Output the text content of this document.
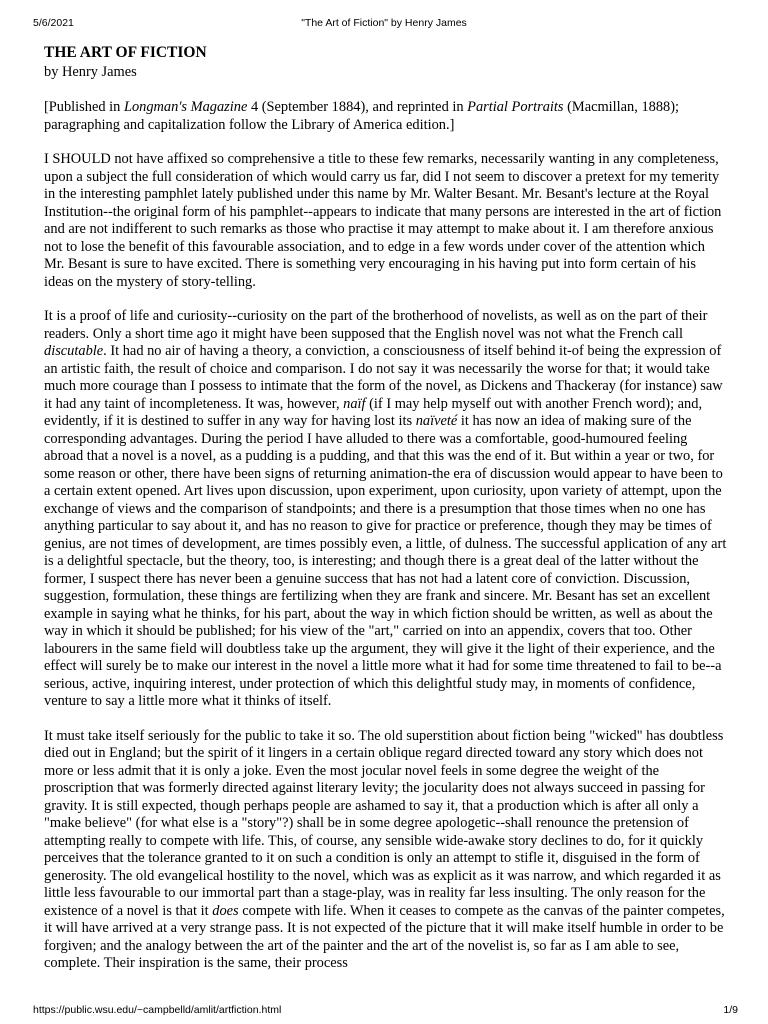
5/6/2021	"The Art of Fiction" by Henry James
THE ART OF FICTION
by Henry James

[Published in Longman's Magazine 4 (September 1884), and reprinted in Partial Portraits (Macmillan, 1888); paragraphing and capitalization follow the Library of America edition.]

I SHOULD not have affixed so comprehensive a title to these few remarks, necessarily wanting in any completeness, upon a subject the full consideration of which would carry us far, did I not seem to discover a pretext for my temerity in the interesting pamphlet lately published under this name by Mr. Walter Besant. Mr. Besant's lecture at the Royal Institution--the original form of his pamphlet--appears to indicate that many persons are interested in the art of fiction and are not indifferent to such remarks as those who practise it may attempt to make about it. I am therefore anxious not to lose the benefit of this favourable association, and to edge in a few words under cover of the attention which Mr. Besant is sure to have excited. There is something very encouraging in his having put into form certain of his ideas on the mystery of story-telling.

It is a proof of life and curiosity--curiosity on the part of the brotherhood of novelists, as well as on the part of their readers. Only a short time ago it might have been supposed that the English novel was not what the French call discutable. It had no air of having a theory, a conviction, a consciousness of itself behind it-of being the expression of an artistic faith, the result of choice and comparison. I do not say it was necessarily the worse for that; it would take much more courage than I possess to intimate that the form of the novel, as Dickens and Thackeray (for instance) saw it had any taint of incompleteness. It was, however, naïf (if I may help myself out with another French word); and, evidently, if it is destined to suffer in any way for having lost its naïveté it has now an idea of making sure of the corresponding advantages. During the period I have alluded to there was a comfortable, good-humoured feeling abroad that a novel is a novel, as a pudding is a pudding, and that this was the end of it. But within a year or two, for some reason or other, there have been signs of returning animation-the era of discussion would appear to have been to a certain extent opened. Art lives upon discussion, upon experiment, upon curiosity, upon variety of attempt, upon the exchange of views and the comparison of standpoints; and there is a presumption that those times when no one has anything particular to say about it, and has no reason to give for practice or preference, though they may be times of genius, are not times of development, are times possibly even, a little, of dulness. The successful application of any art is a delightful spectacle, but the theory, too, is interesting; and though there is a great deal of the latter without the former, I suspect there has never been a genuine success that has not had a latent core of conviction. Discussion, suggestion, formulation, these things are fertilizing when they are frank and sincere. Mr. Besant has set an excellent example in saying what he thinks, for his part, about the way in which fiction should be written, as well as about the way in which it should be published; for his view of the "art," carried on into an appendix, covers that too. Other labourers in the same field will doubtless take up the argument, they will give it the light of their experience, and the effect will surely be to make our interest in the novel a little more what it had for some time threatened to fail to be--a serious, active, inquiring interest, under protection of which this delightful study may, in moments of confidence, venture to say a little more what it thinks of itself.

It must take itself seriously for the public to take it so. The old superstition about fiction being "wicked" has doubtless died out in England; but the spirit of it lingers in a certain oblique regard directed toward any story which does not more or less admit that it is only a joke. Even the most jocular novel feels in some degree the weight of the proscription that was formerly directed against literary levity; the jocularity does not always succeed in passing for gravity. It is still expected, though perhaps people are ashamed to say it, that a production which is after all only a "make believe" (for what else is a "story"?) shall be in some degree apologetic--shall renounce the pretension of attempting really to compete with life. This, of course, any sensible wide-awake story declines to do, for it quickly perceives that the tolerance granted to it on such a condition is only an attempt to stifle it, disguised in the form of generosity. The old evangelical hostility to the novel, which was as explicit as it was narrow, and which regarded it as little less favourable to our immortal part than a stage-play, was in reality far less insulting. The only reason for the existence of a novel is that it does compete with life. When it ceases to compete as the canvas of the painter competes, it will have arrived at a very strange pass. It is not expected of the picture that it will make itself humble in order to be forgiven; and the analogy between the art of the painter and the art of the novelist is, so far as I am able to see, complete. Their inspiration is the same, their process

https://public.wsu.edu/~campbelld/amlit/artfiction.html	1/9
